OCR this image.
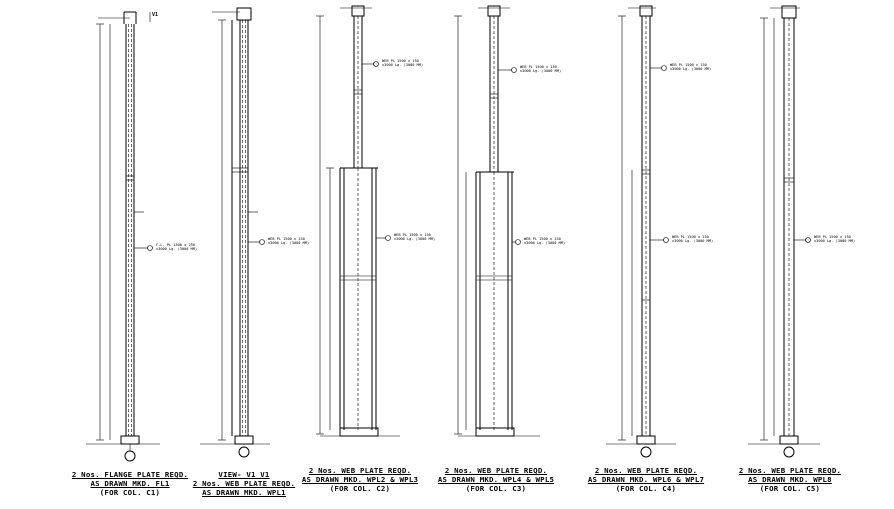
V1
F.L. PL 1500 x 250
x3000 Lg. (3000 MM)
WEB PL 1500 x 150
x3000 Lg. (3000 MM)
WEB PL 1500 x 150
x3000 Lg. (3000 MM)
WEB PL 1500 x 150
x3000 Lg. (3000 MM)
WEB PL 1500 x 150
x3000 Lg. (3000 MM)
WEB PL 1500 x 150
x3000 Lg. (3000 MM)
WEB PL 1500 x 150
x3000 Lg. (3000 MM)
WEB PL 1500 x 150
x3000 Lg. (3000 MM)
WEB PL 1500 x 150
x3000 Lg. (3000 MM)
2 Nos. FLANGE PLATE REQD.
AS DRAWN MKD. FL1
(FOR COL. C1)
VIEW- V1 V1
2 Nos. WEB PLATE REQD.
AS DRAWN MKD. WPL1
2 Nos. WEB PLATE REQD.
AS DRAWN MKD. WPL2 & WPL3
(FOR COL. C2)
2 Nos. WEB PLATE REQD.
AS DRAWN MKD. WPL4 & WPL5
(FOR COL. C3)
2 Nos. WEB PLATE REQD.
AS DRAWN MKD. WPL6 & WPL7
(FOR COL. C4)
2 Nos. WEB PLATE REQD.
AS DRAWN MKD. WPL8
(FOR COL. C5)
